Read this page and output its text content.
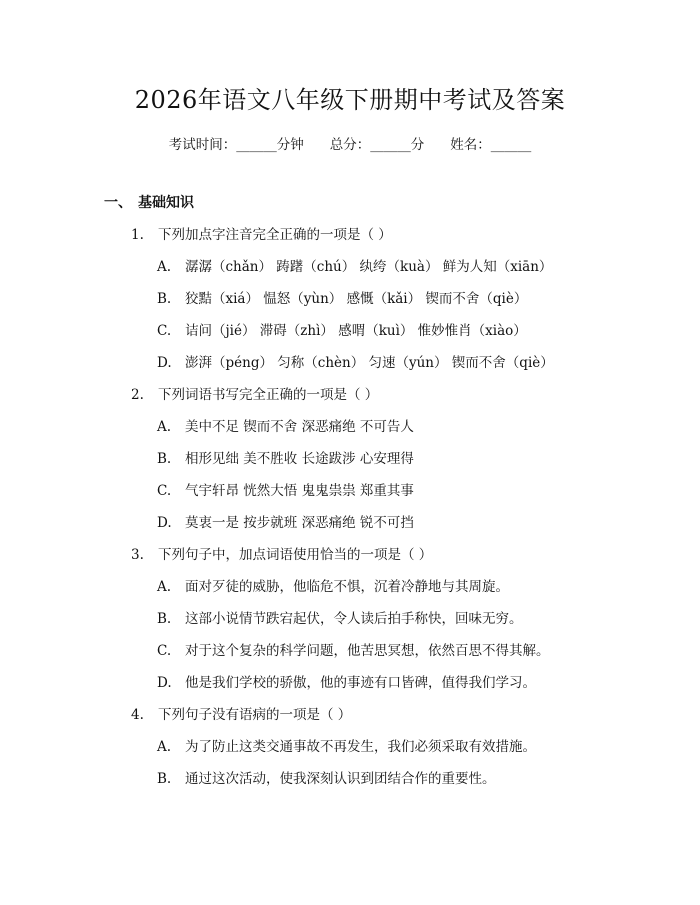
2026年语文八年级下册期中考试及答案
考试时间：______分钟 总分：______分 姓名：______
一、 基础知识
1. 下列加点字注音完全正确的一项是（ ）
A. 潺潺（chǎn） 踌躇（chú） 纨绔（kuà） 鲜为人知（xiān）
B. 狡黠（xiá） 愠怒（yùn） 感慨（kǎi） 锲而不舍（qiè）
C. 诘问（jié） 滞碍（zhì） 感喟（kuì） 惟妙惟肖（xiào）
D. 澎湃（péng） 匀称（chèn） 匀速（yún） 锲而不舍（qiè）
2. 下列词语书写完全正确的一项是（ ）
A. 美中不足 锲而不舍 深恶痛绝 不可告人
B. 相形见绌 美不胜收 长途跋涉 心安理得
C. 气宇轩昂 恍然大悟 鬼鬼祟祟 郑重其事
D. 莫衷一是 按步就班 深恶痛绝 锐不可挡
3. 下列句子中，加点词语使用恰当的一项是（ ）
A. 面对歹徒的威胁，他临危不惧，沉着冷静地与其周旋。
B. 这部小说情节跌宕起伏，令人读后拍手称快，回味无穷。
C. 对于这个复杂的科学问题，他苦思冥想，依然百思不得其解。
D. 他是我们学校的骄傲，他的事迹有口皆碑，值得我们学习。
4. 下列句子没有语病的一项是（ ）
A. 为了防止这类交通事故不再发生，我们必须采取有效措施。
B. 通过这次活动，使我深刻认识到团结合作的重要性。
